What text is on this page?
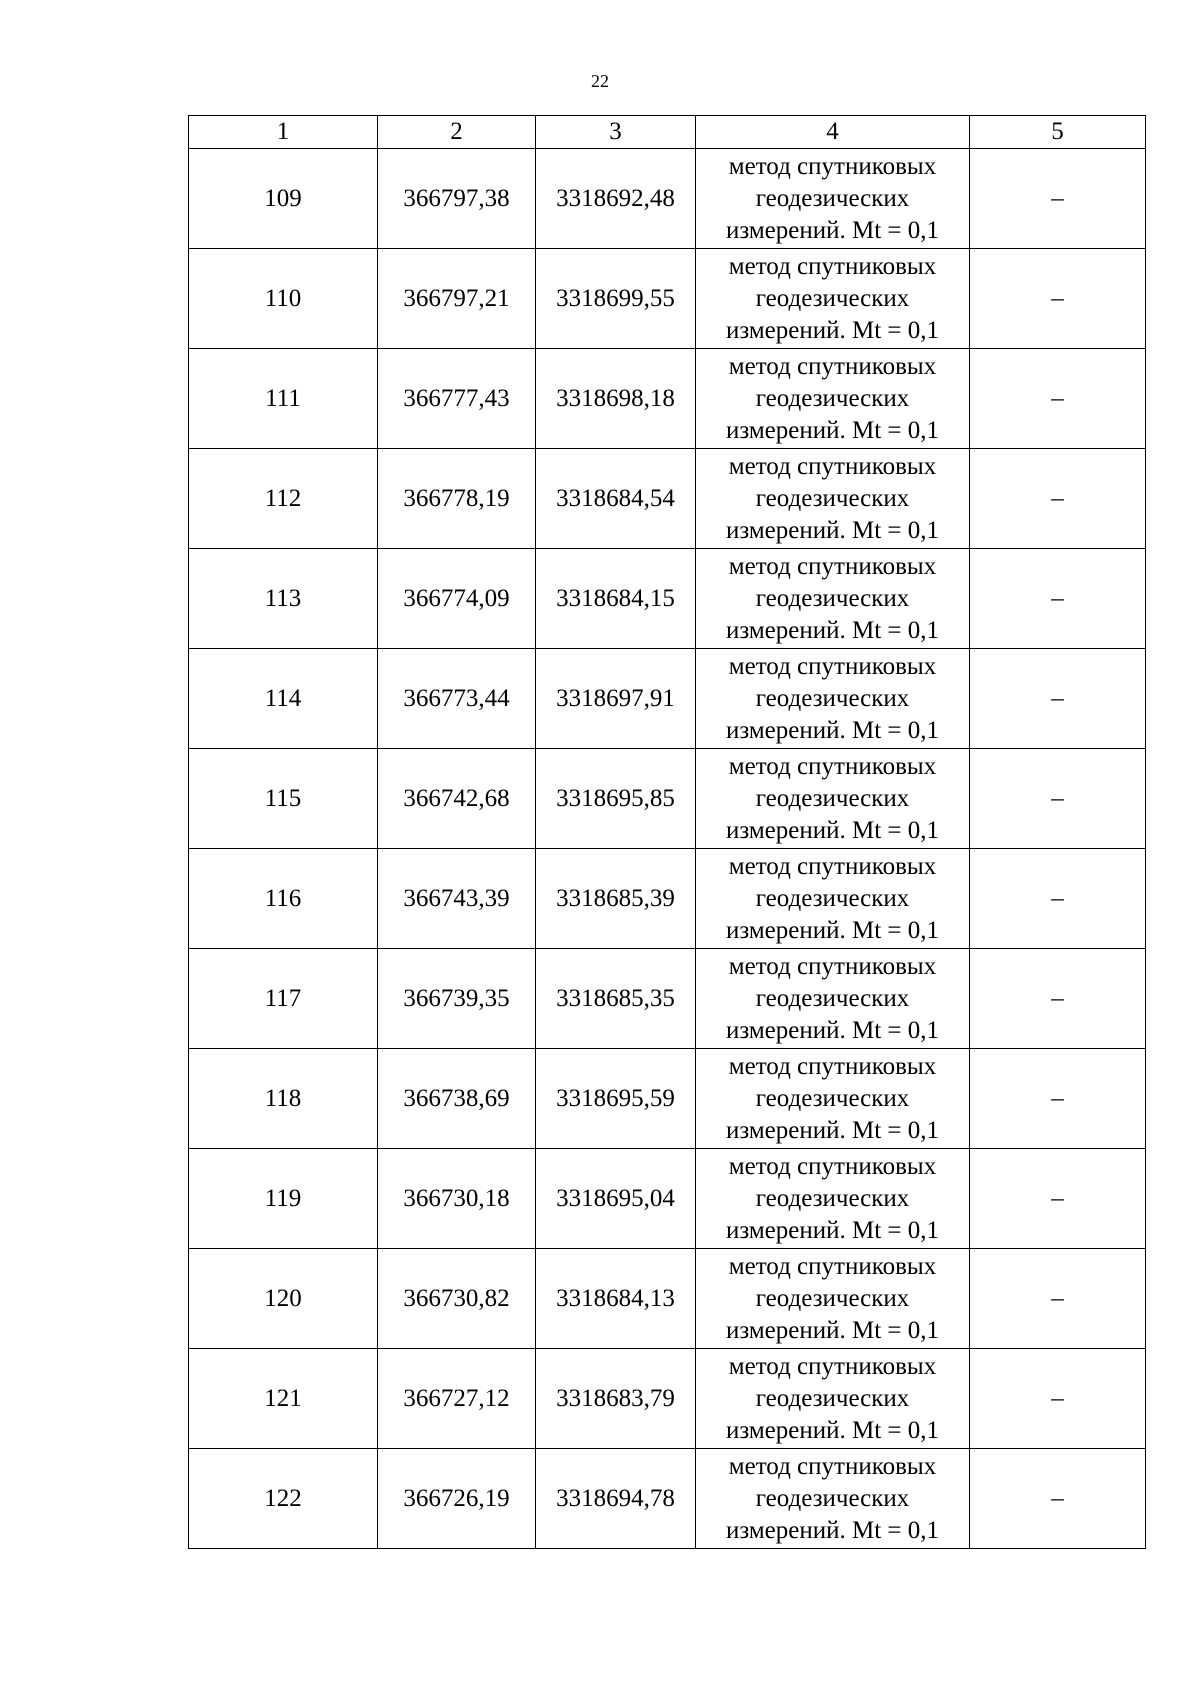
22
1	2	3	4	5
109	366797,38	3318692,48	метод спутниковых
геодезических
измерений. Mt = 0,1	–
110	366797,21	3318699,55	метод спутниковых
геодезических
измерений. Mt = 0,1	–
111	366777,43	3318698,18	метод спутниковых
геодезических
измерений. Mt = 0,1	–
112	366778,19	3318684,54	метод спутниковых
геодезических
измерений. Mt = 0,1	–
113	366774,09	3318684,15	метод спутниковых
геодезических
измерений. Mt = 0,1	–
114	366773,44	3318697,91	метод спутниковых
геодезических
измерений. Mt = 0,1	–
115	366742,68	3318695,85	метод спутниковых
геодезических
измерений. Mt = 0,1	–
116	366743,39	3318685,39	метод спутниковых
геодезических
измерений. Mt = 0,1	–
117	366739,35	3318685,35	метод спутниковых
геодезических
измерений. Mt = 0,1	–
118	366738,69	3318695,59	метод спутниковых
геодезических
измерений. Mt = 0,1	–
119	366730,18	3318695,04	метод спутниковых
геодезических
измерений. Mt = 0,1	–
120	366730,82	3318684,13	метод спутниковых
геодезических
измерений. Mt = 0,1	–
121	366727,12	3318683,79	метод спутниковых
геодезических
измерений. Mt = 0,1	–
122	366726,19	3318694,78	метод спутниковых
геодезических
измерений. Mt = 0,1	–
